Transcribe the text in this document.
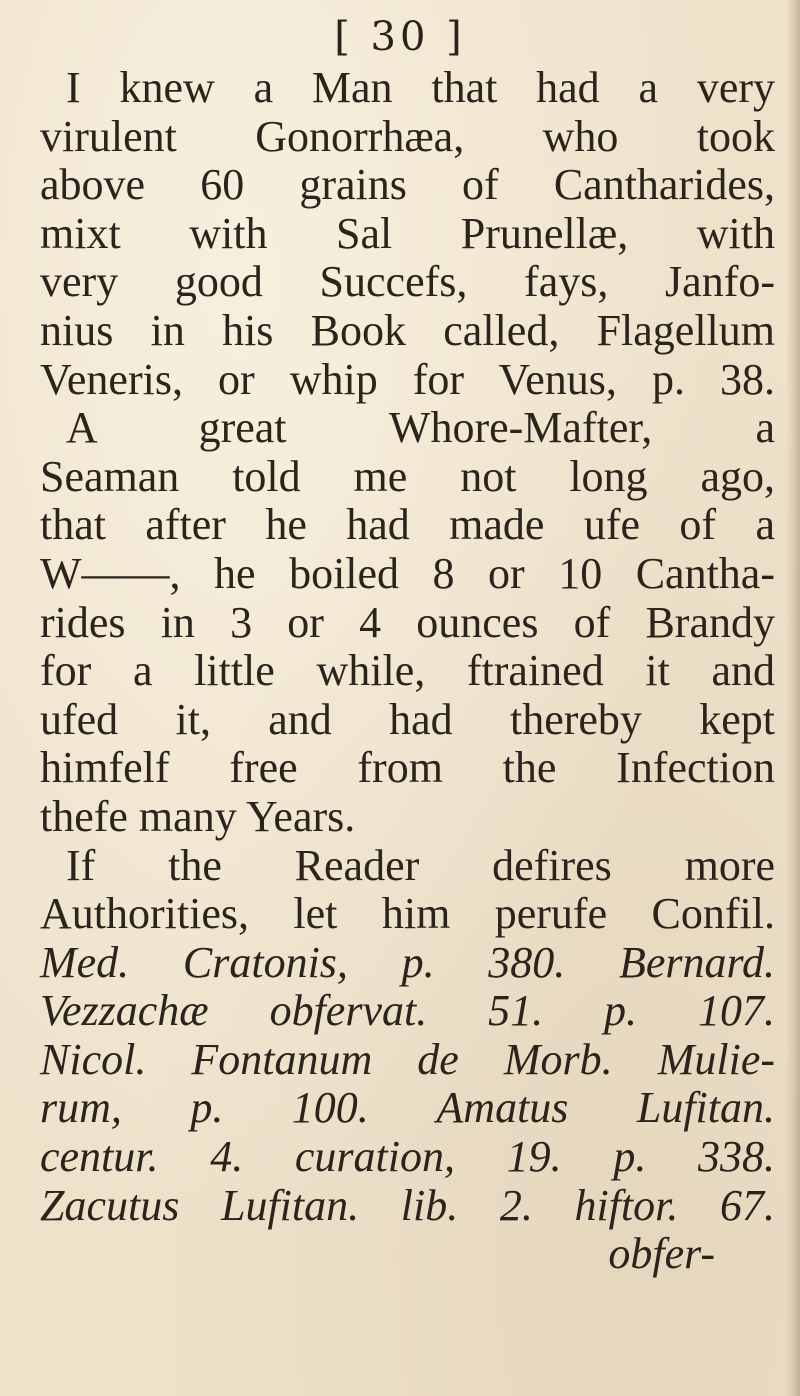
[ 30 ]
I knew a Man that had a very
virulent Gonorrhæa, who took
above 60 grains of Cantharides,
mixt with Sal Prunellæ, with
very good Succefs, fays, Janfo-
nius in his Book called, Flagellum
Veneris, or whip for Venus, p. 38.
A great Whore-Mafter, a
Seaman told me not long ago,
that after he had made ufe of a
W——, he boiled 8 or 10 Cantha-
rides in 3 or 4 ounces of Brandy
for a little while, ftrained it and
ufed it, and had thereby kept
himfelf free from the Infection
thefe many Years.
If the Reader defires more
Authorities, let him perufe Confil.
Med. Cratonis, p. 380. Bernard.
Vezzachæ obfervat. 51. p. 107.
Nicol. Fontanum de Morb. Mulie-
rum, p. 100. Amatus Lufitan.
centur. 4. curation, 19. p. 338.
Zacutus Lufitan. lib. 2. hiftor. 67.
obfer-
